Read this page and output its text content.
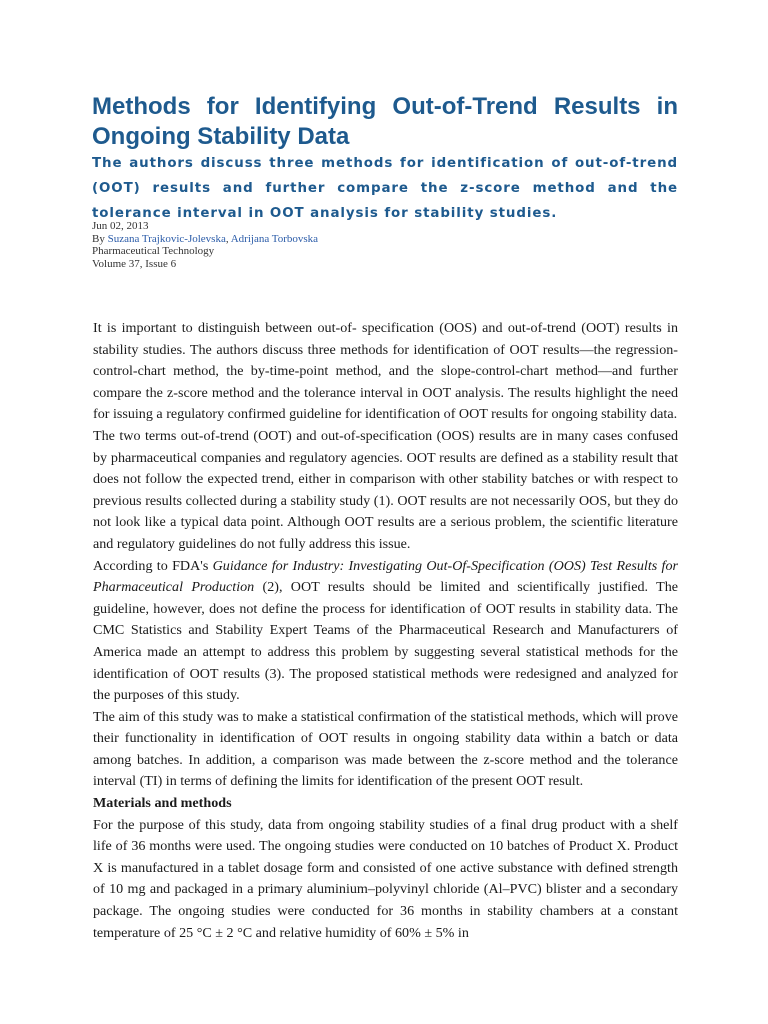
Methods for Identifying Out-of-Trend Results in Ongoing Stability Data

The authors discuss three methods for identification of out-of-trend (OOT) results and further compare the z-score method and the tolerance interval in OOT analysis for stability studies.

Jun 02, 2013
By Suzana Trajkovic-Jolevska, Adrijana Torbovska
Pharmaceutical Technology
Volume 37, Issue 6

It is important to distinguish between out-of- specification (OOS) and out-of-trend (OOT) results in stability studies. The authors discuss three methods for identification of OOT results—the regression-control-chart method, the by-time-point method, and the slope-control-chart method—and further compare the z-score method and the tolerance interval in OOT analysis. The results highlight the need for issuing a regulatory confirmed guideline for identification of OOT results for ongoing stability data.

The two terms out-of-trend (OOT) and out-of-specification (OOS) results are in many cases confused by pharmaceutical companies and regulatory agencies. OOT results are defined as a stability result that does not follow the expected trend, either in comparison with other stability batches or with respect to previous results collected during a stability study (1). OOT results are not necessarily OOS, but they do not look like a typical data point. Although OOT results are a serious problem, the scientific literature and regulatory guidelines do not fully address this issue.

According to FDA's Guidance for Industry: Investigating Out-Of-Specification (OOS) Test Results for Pharmaceutical Production (2), OOT results should be limited and scientifically justified. The guideline, however, does not define the process for identification of OOT results in stability data. The CMC Statistics and Stability Expert Teams of the Pharmaceutical Research and Manufacturers of America made an attempt to address this problem by suggesting several statistical methods for the identification of OOT results (3). The proposed statistical methods were redesigned and analyzed for the purposes of this study.

The aim of this study was to make a statistical confirmation of the statistical methods, which will prove their functionality in identification of OOT results in ongoing stability data within a batch or data among batches. In addition, a comparison was made between the z-score method and the tolerance interval (TI) in terms of defining the limits for identification of the present OOT result.

Materials and methods

For the purpose of this study, data from ongoing stability studies of a final drug product with a shelf life of 36 months were used. The ongoing studies were conducted on 10 batches of Product X. Product X is manufactured in a tablet dosage form and consisted of one active substance with defined strength of 10 mg and packaged in a primary aluminium–polyvinyl chloride (Al–PVC) blister and a secondary package. The ongoing studies were conducted for 36 months in stability chambers at a constant temperature of 25 °C ± 2 °C and relative humidity of 60% ± 5% in
